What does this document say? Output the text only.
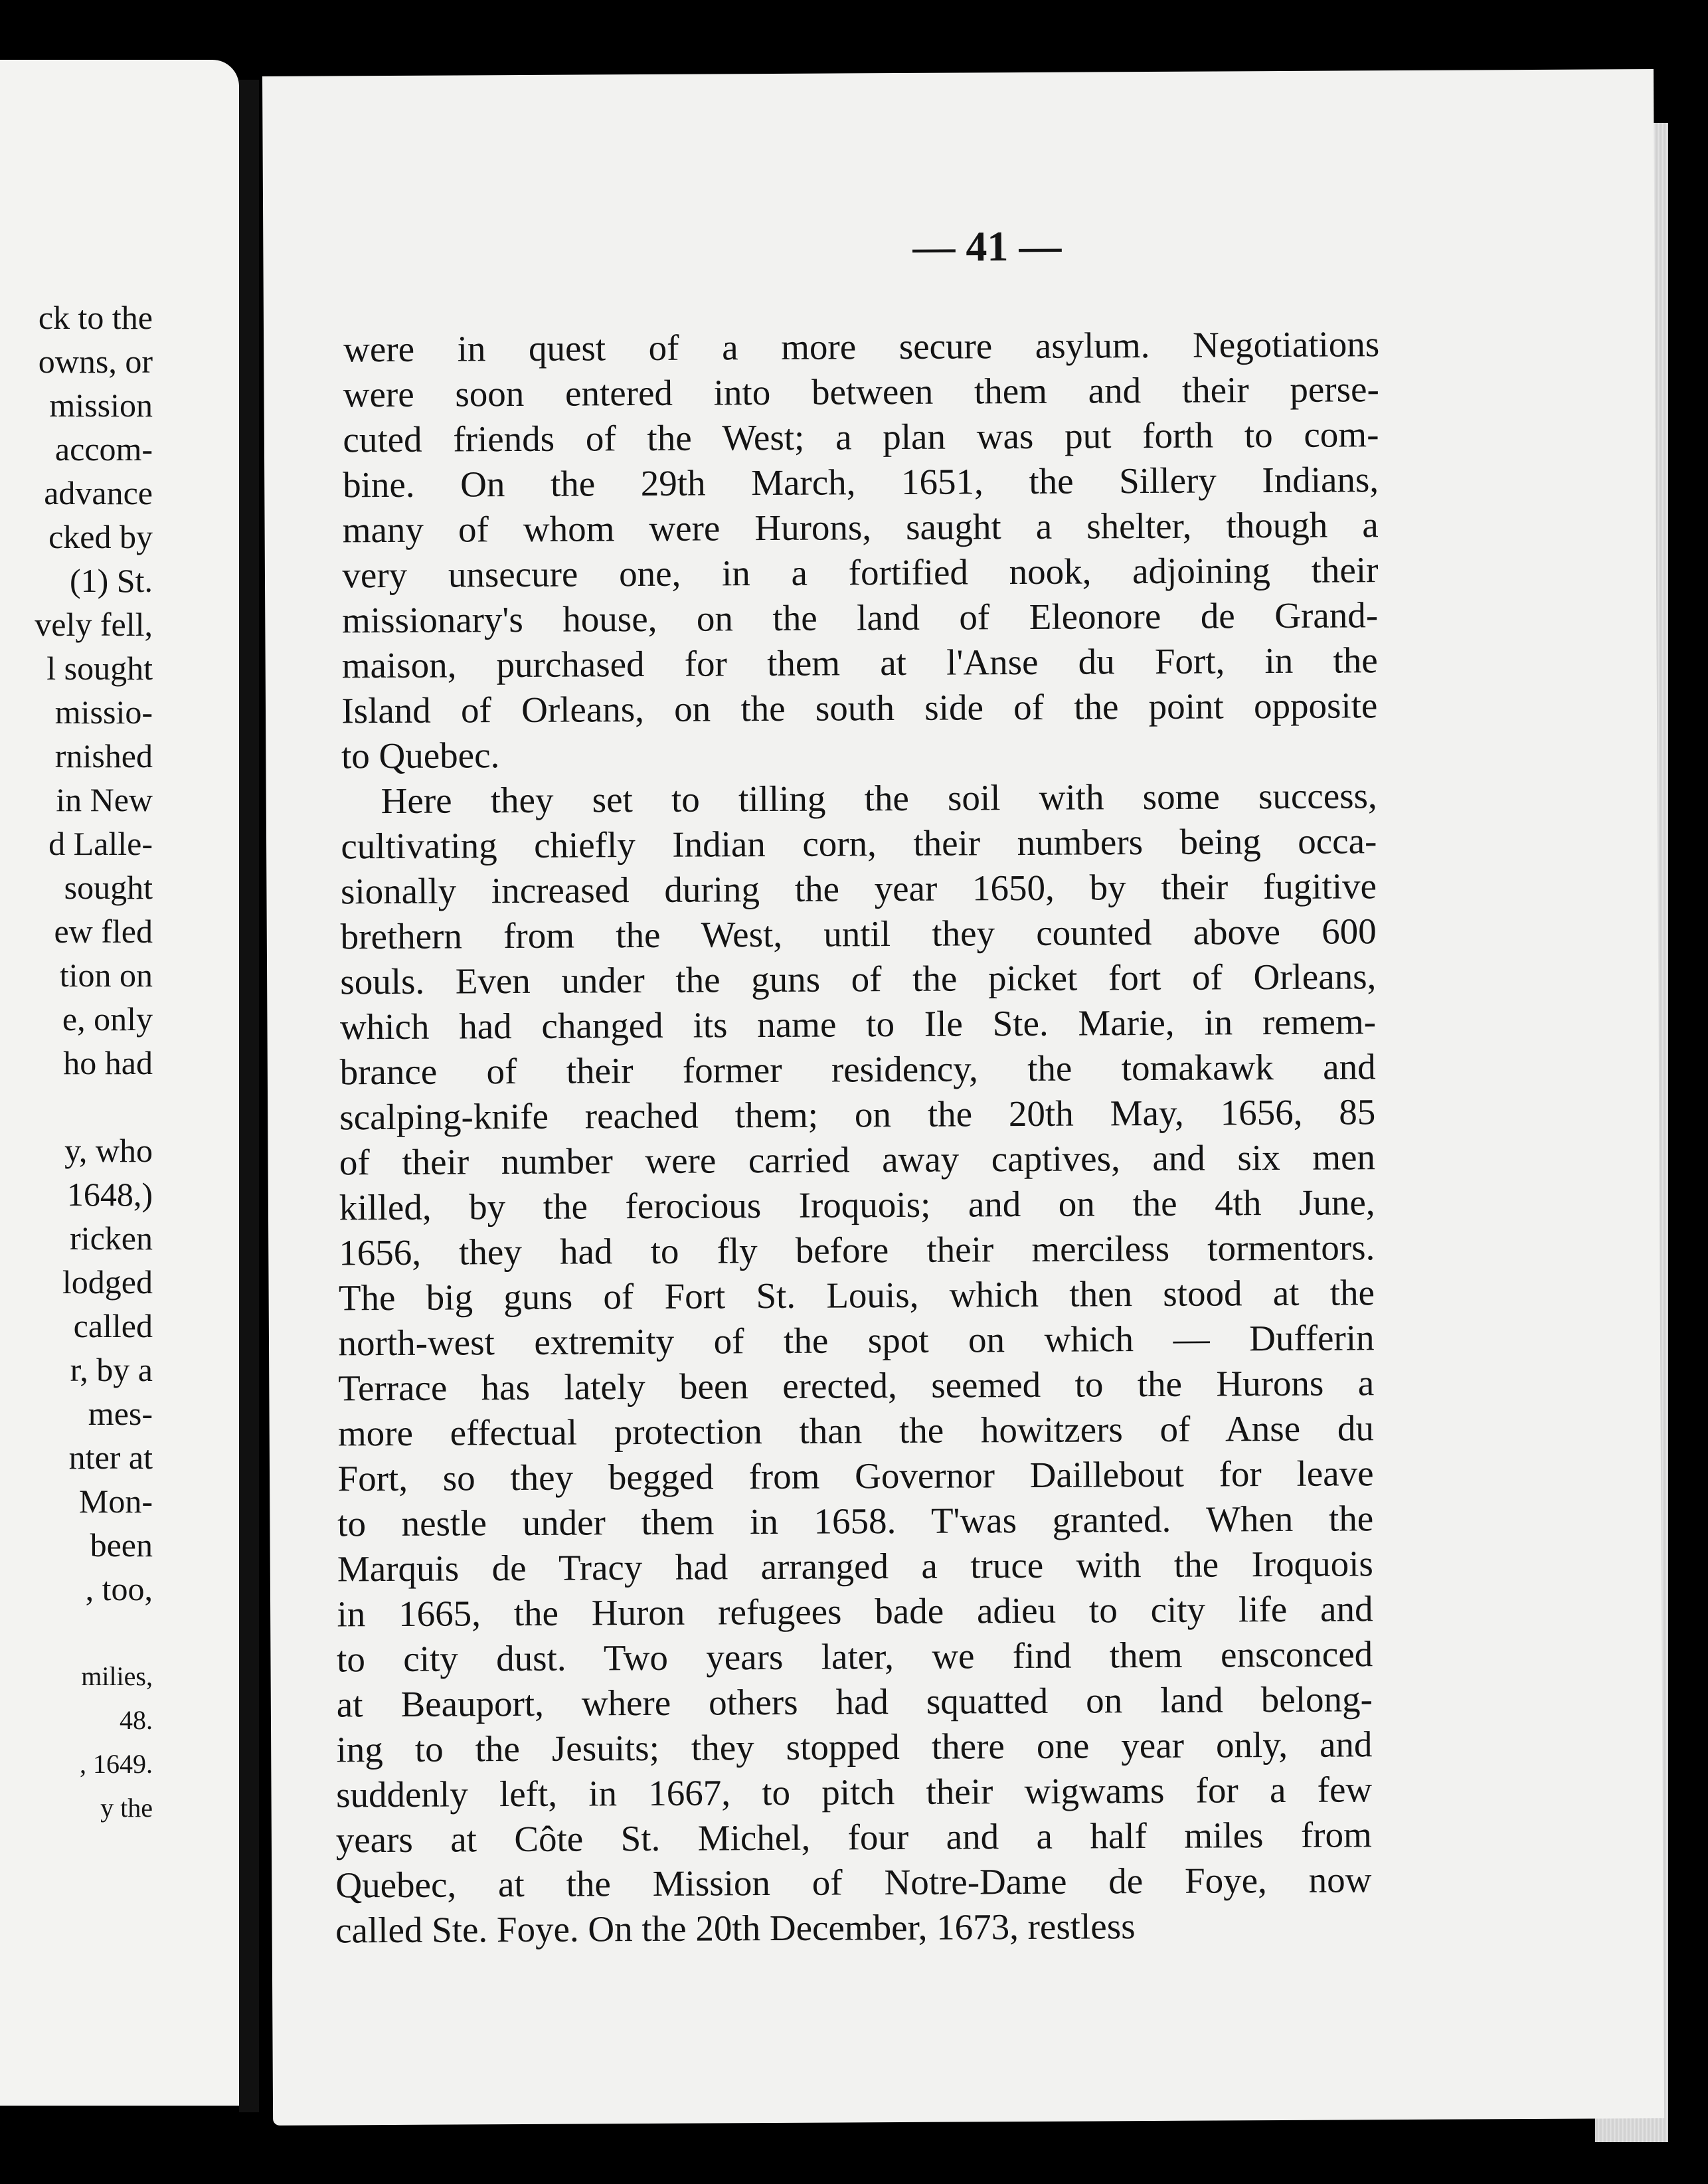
ck to the
owns, or
mission
accom-
advance
cked by
(1) St.
vely fell,
l sought
missio-
rnished
in New
d Lalle-
sought
ew fled
tion on
e, only
ho had
y, who
1648,)
ricken
lodged
called
r, by a
mes-
nter at
Mon-
been
, too,
milies,
48.
, 1649.
y the
— 41 —
were in quest of a more secure asylum. Negotiations
were soon entered into between them and their perse-
cuted friends of the West; a plan was put forth to com-
bine. On the 29th March, 1651, the Sillery Indians,
many of whom were Hurons, saught a shelter, though a
very unsecure one, in a fortified nook, adjoining their
missionary's house, on the land of Eleonore de Grand-
maison, purchased for them at l'Anse du Fort, in the
Island of Orleans, on the south side of the point opposite
to Quebec.
Here they set to tilling the soil with some success,
cultivating chiefly Indian corn, their numbers being occa-
sionally increased during the year 1650, by their fugitive
brethern from the West, until they counted above 600
souls. Even under the guns of the picket fort of Orleans,
which had changed its name to Ile Ste. Marie, in remem-
brance of their former residency, the tomakawk and
scalping-knife reached them; on the 20th May, 1656, 85
of their number were carried away captives, and six men
killed, by the ferocious Iroquois; and on the 4th June,
1656, they had to fly before their merciless tormentors.
The big guns of Fort St. Louis, which then stood at the
north-west extremity of the spot on which — Dufferin
Terrace has lately been erected, seemed to the Hurons a
more effectual protection than the howitzers of Anse du
Fort, so they begged from Governor Daillebout for leave
to nestle under them in 1658. T'was granted. When the
Marquis de Tracy had arranged a truce with the Iroquois
in 1665, the Huron refugees bade adieu to city life and
to city dust. Two years later, we find them ensconced
at Beauport, where others had squatted on land belong-
ing to the Jesuits; they stopped there one year only, and
suddenly left, in 1667, to pitch their wigwams for a few
years at Côte St. Michel, four and a half miles from
Quebec, at the Mission of Notre-Dame de Foye, now
called Ste. Foye. On the 20th December, 1673, restless
